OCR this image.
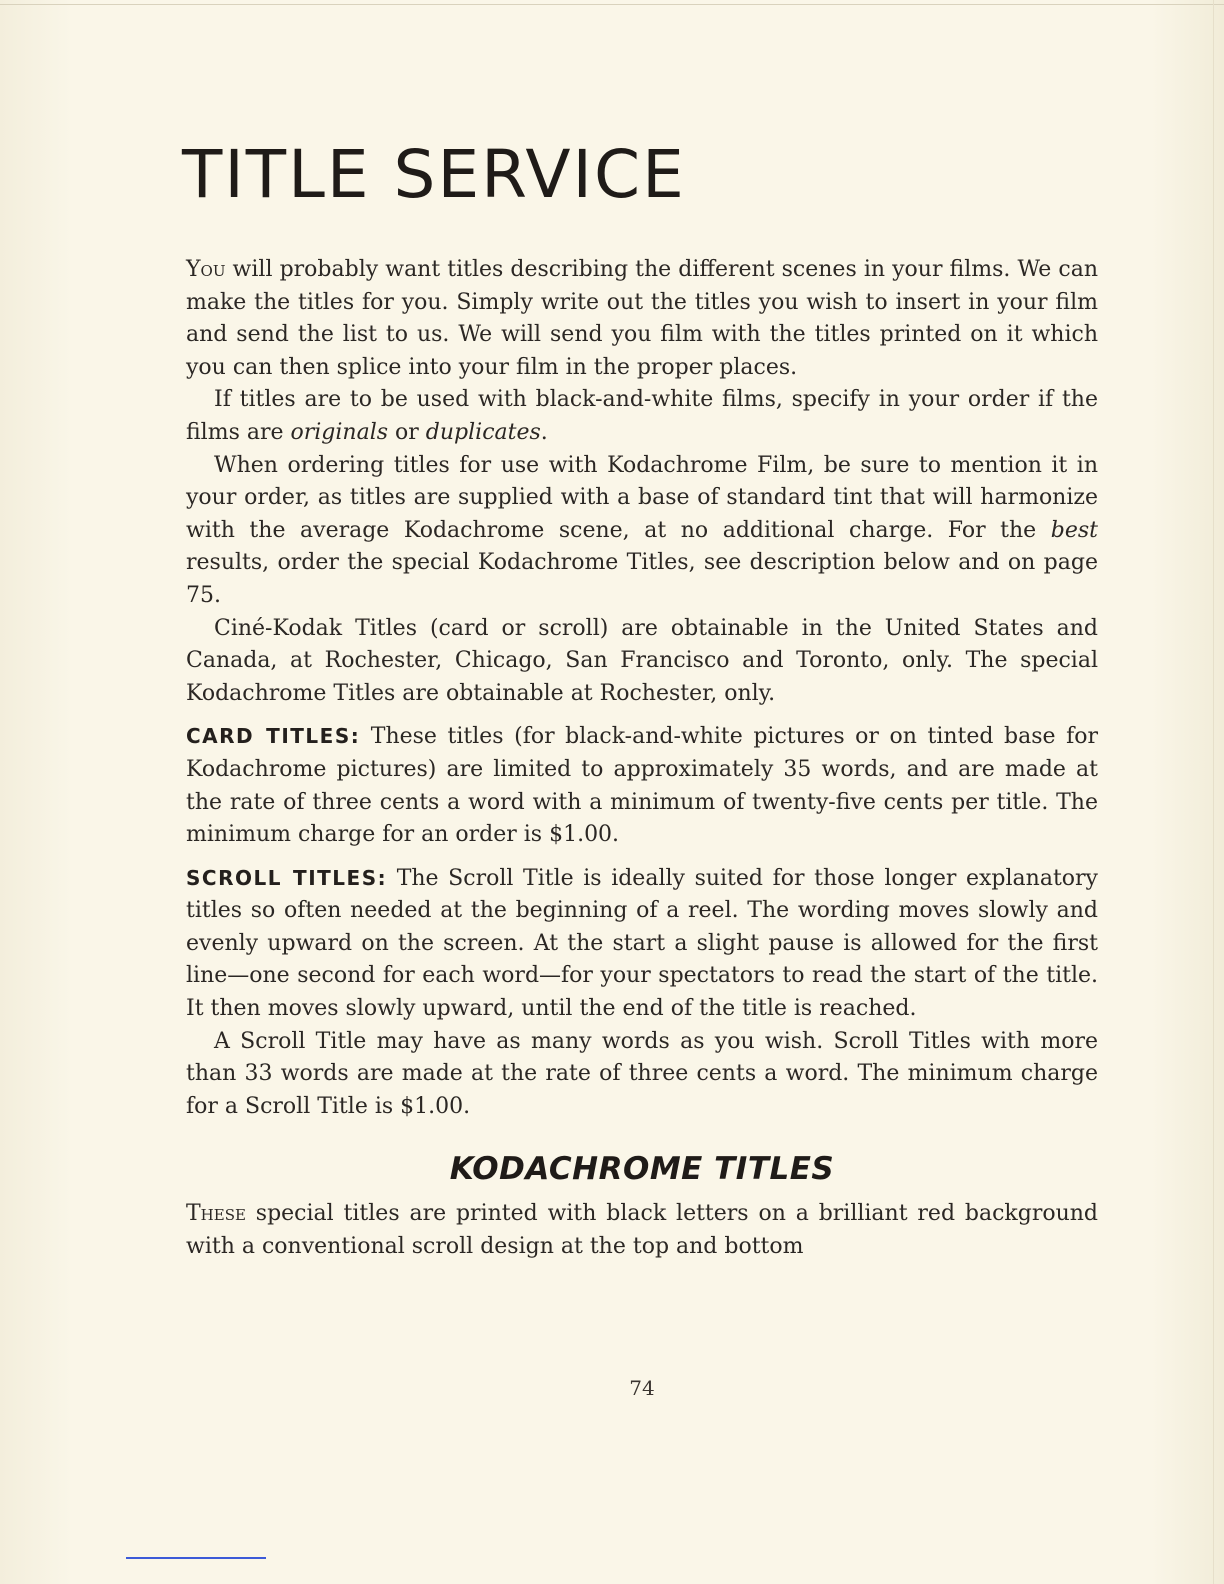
TITLE SERVICE

You will probably want titles describing the different scenes in your films. We can make the titles for you. Simply write out the titles you wish to insert in your film and send the list to us. We will send you film with the titles printed on it which you can then splice into your film in the proper places.

If titles are to be used with black-and-white films, specify in your order if the films are originals or duplicates.

When ordering titles for use with Kodachrome Film, be sure to mention it in your order, as titles are supplied with a base of standard tint that will harmonize with the average Kodachrome scene, at no additional charge. For the best results, order the special Kodachrome Titles, see description below and on page 75.

Ciné-Kodak Titles (card or scroll) are obtainable in the United States and Canada, at Rochester, Chicago, San Francisco and Toronto, only. The special Kodachrome Titles are obtainable at Rochester, only.

CARD TITLES: These titles (for black-and-white pictures or on tinted base for Kodachrome pictures) are limited to approximately 35 words, and are made at the rate of three cents a word with a minimum of twenty-five cents per title. The minimum charge for an order is $1.00.

SCROLL TITLES: The Scroll Title is ideally suited for those longer explanatory titles so often needed at the beginning of a reel. The wording moves slowly and evenly upward on the screen. At the start a slight pause is allowed for the first line—one second for each word—for your spectators to read the start of the title. It then moves slowly upward, until the end of the title is reached.

A Scroll Title may have as many words as you wish. Scroll Titles with more than 33 words are made at the rate of three cents a word. The minimum charge for a Scroll Title is $1.00.

KODACHROME TITLES

These special titles are printed with black letters on a brilliant red background with a conventional scroll design at the top and bottom

74
